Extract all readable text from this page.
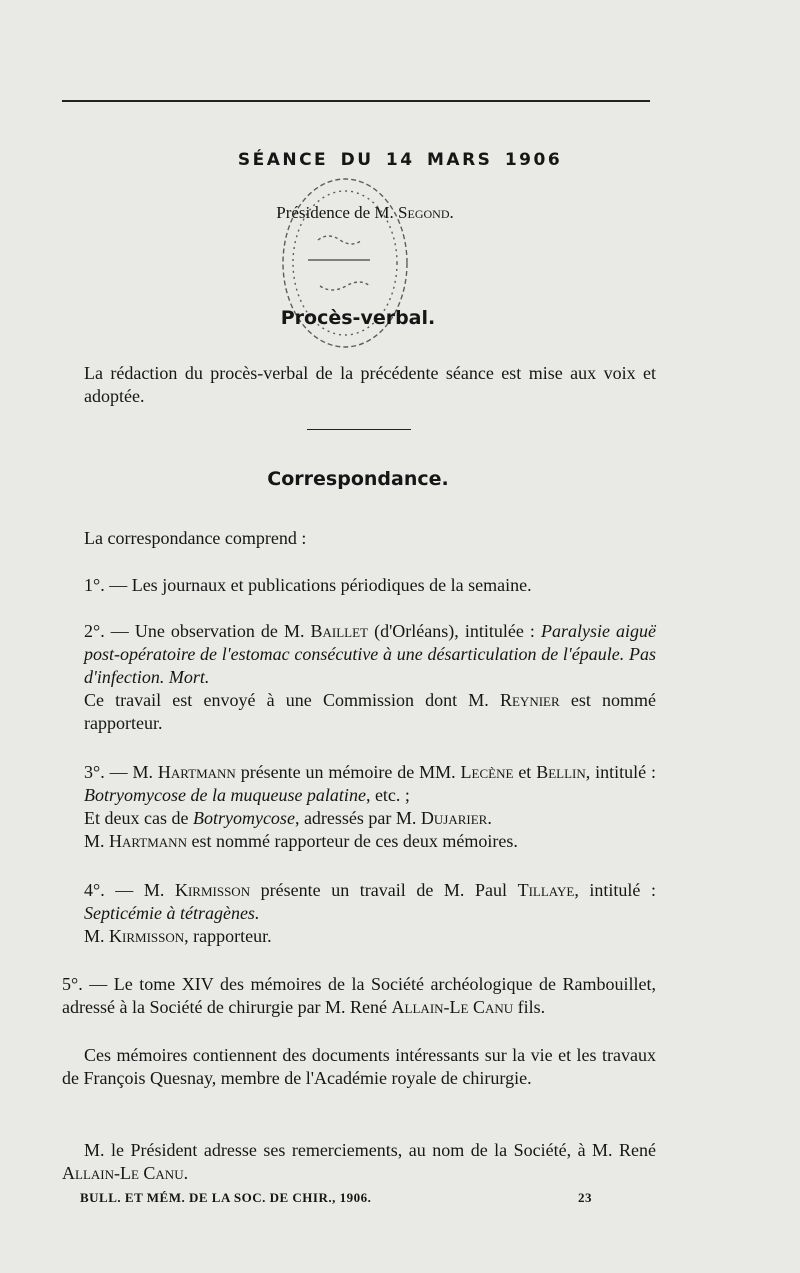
SÉANCE DU 14 MARS 1906
Présidence de M. Segond.
Procès-verbal.
La rédaction du procès-verbal de la précédente séance est mise aux voix et adoptée.
Correspondance.
La correspondance comprend :
1°. — Les journaux et publications périodiques de la semaine.
2°. — Une observation de M. Baillet (d'Orléans), intitulée : Paralysie aiguë post-opératoire de l'estomac consécutive à une désarticulation de l'épaule. Pas d'infection. Mort.
Ce travail est envoyé à une Commission dont M. Reynier est nommé rapporteur.
3°. — M. Hartmann présente un mémoire de MM. Lecène et Bellin, intitulé : Botryomycose de la muqueuse palatine, etc. ;
Et deux cas de Botryomycose, adressés par M. Dujarier.
M. Hartmann est nommé rapporteur de ces deux mémoires.
4°. — M. Kirmisson présente un travail de M. Paul Tillaye, intitulé : Septicémie à tétragènes.
M. Kirmisson, rapporteur.
5°. — Le tome XIV des mémoires de la Société archéologique de Rambouillet, adressé à la Société de chirurgie par M. René Allain-Le Canu fils.
Ces mémoires contiennent des documents intéressants sur la vie et les travaux de François Quesnay, membre de l'Académie royale de chirurgie.
M. le Président adresse ses remerciements, au nom de la Société, à M. René Allain-Le Canu.
BULL. ET MÉM. DE LA SOC. DE CHIR., 1906.	23
